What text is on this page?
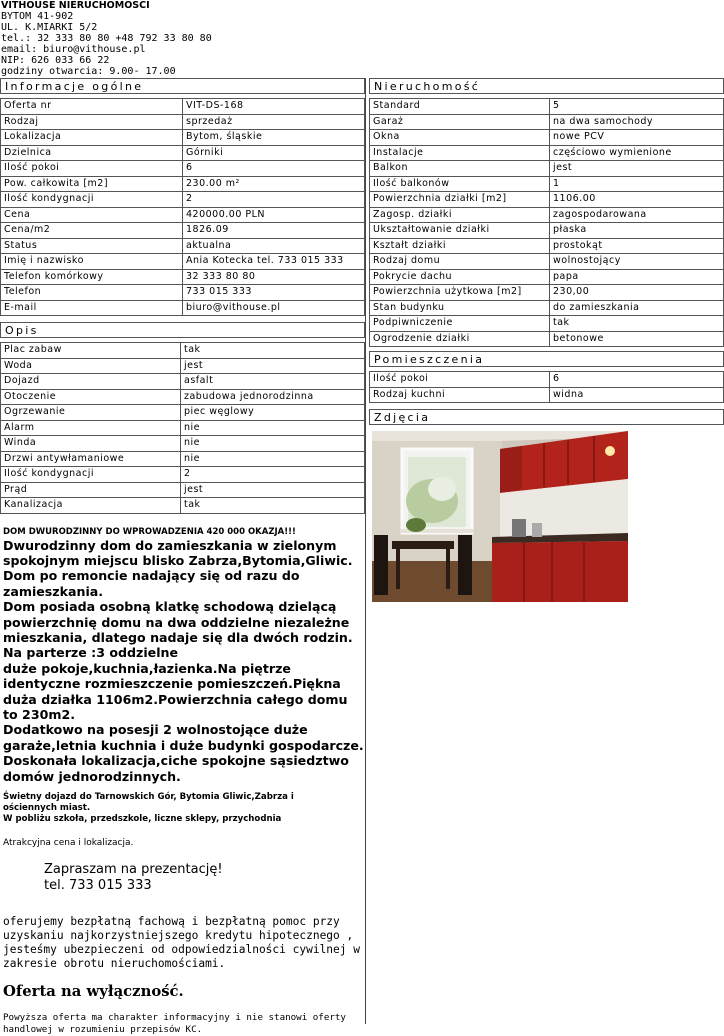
VITHOUSE NIERUCHOMOŚCI
BYTOM 41-902
UL. K.MIARKI 5/2
tel.: 32 333 80 80 +48 792 33 80 80
email: biuro@vithouse.pl
NIP: 626 033 66 22
godziny otwarcia: 9.00- 17.00
Informacje ogólne
Oferta nr	VIT-DS-168
Rodzaj	sprzedaż
Lokalizacja	Bytom, śląskie
Dzielnica	Górniki
Ilość pokoi	6
Pow. całkowita [m2]	230.00 m²
Ilość kondygnacji	2
Cena	420000.00 PLN
Cena/m2	1826.09
Status	aktualna
Imię i nazwisko	Ania Kotecka tel. 733 015 333
Telefon komórkowy	32 333 80 80
Telefon	733 015 333
E-mail	biuro@vithouse.pl
Opis
Plac zabaw	tak
Woda	jest
Dojazd	asfalt
Otoczenie	zabudowa jednorodzinna
Ogrzewanie	piec węglowy
Alarm	nie
Winda	nie
Drzwi antywłamaniowe	nie
Ilość kondygnacji	2
Prąd	jest
Kanalizacja	tak
DOM DWURODZINNY DO WPROWADZENIA 420 000 OKAZJA!!!
Dwurodzinny dom do zamieszkania w zielonym
spokojnym miejscu blisko Zabrza,Bytomia,Gliwic.
Dom po remoncie nadający się od razu do
zamieszkania.
Dom posiada osobną klatkę schodową dzielącą
powierzchnię domu na dwa oddzielne niezależne
mieszkania, dlatego nadaje się dla dwóch rodzin.
Na parterze :3 oddzielne
duże pokoje,kuchnia,łazienka.Na piętrze
identyczne rozmieszczenie pomieszczeń.Piękna
duża działka 1106m2.Powierzchnia całego domu
to 230m2.
Dodatkowo na posesji 2 wolnostojące duże
garaże,letnia kuchnia i duże budynki gospodarcze.
Doskonała lokalizacja,ciche spokojne sąsiedztwo
domów jednorodzinnych.
Świetny dojazd do Tarnowskich Gór, Bytomia Gliwic,Zabrza i
ościennych miast.
W pobliżu szkoła, przedszkole, liczne sklepy, przychodnia
Atrakcyjna cena i lokalizacja.
Zapraszam na prezentację!
tel. 733 015 333
oferujemy bezpłatną fachową i bezpłatną pomoc przy
uzyskaniu najkorzystniejszego kredytu hipotecznego ,
jesteśmy ubezpieczeni od odpowiedzialności cywilnej w
zakresie obrotu nieruchomościami.
Oferta na wyłączność.
Powyższa oferta ma charakter informacyjny i nie stanowi oferty
handlowej w rozumieniu przepisów KC.
Nieruchomość
Standard	5
Garaż	na dwa samochody
Okna	nowe PCV
Instalacje	częściowo wymienione
Balkon	jest
Ilość balkonów	1
Powierzchnia działki [m2]	1106.00
Zagosp. działki	zagospodarowana
Ukształtowanie działki	płaska
Kształt działki	prostokąt
Rodzaj domu	wolnostojący
Pokrycie dachu	papa
Powierzchnia użytkowa [m2]	230,00
Stan budynku	do zamieszkania
Podpiwniczenie	tak
Ogrodzenie działki	betonowe
Pomieszczenia
Ilość pokoi	6
Rodzaj kuchni	widna
Zdjęcia
